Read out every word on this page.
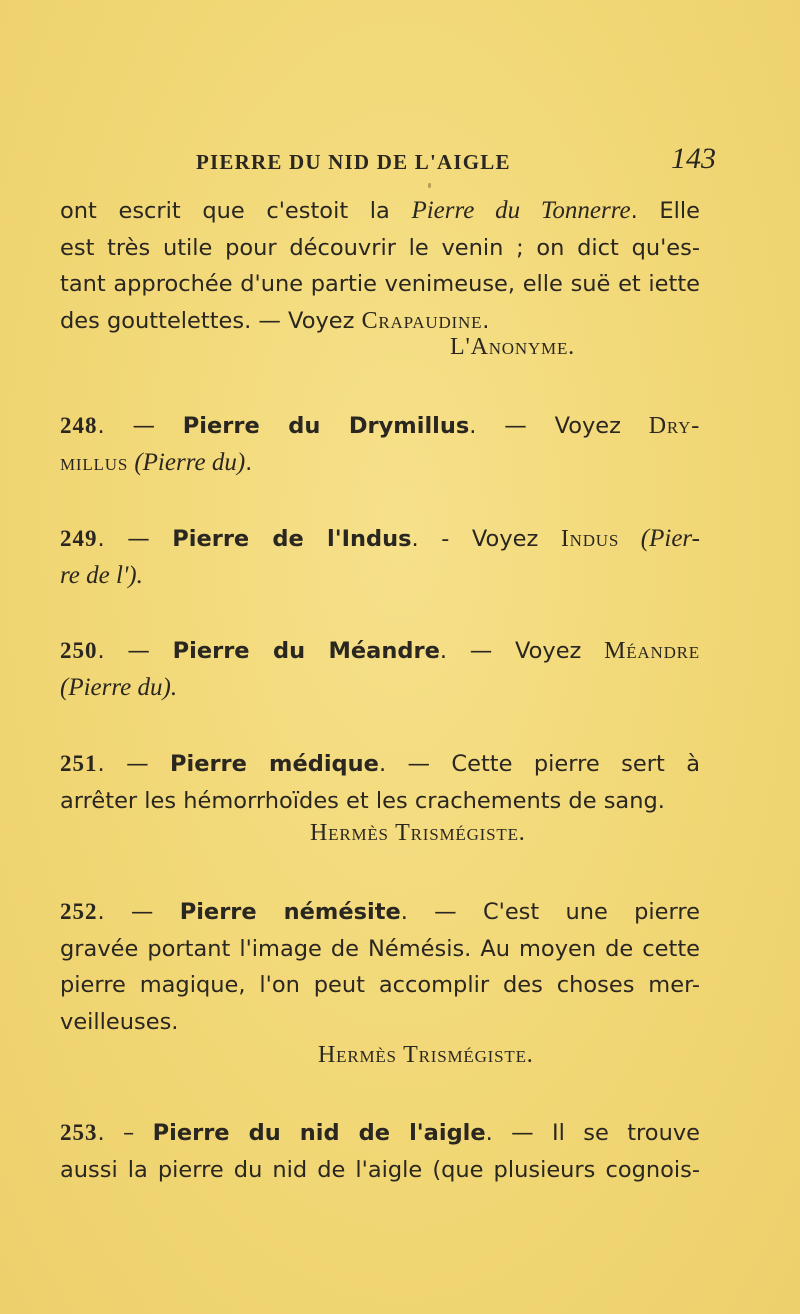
PIERRE DU NID DE L'AIGLE	143
ont escrit que c'estoit la Pierre du Tonnerre. Elle
est très utile pour découvrir le venin ; on dict qu'es-
tant approchée d'une partie venimeuse, elle suë et iette
des gouttelettes. — Voyez Crapaudine.
L'Anonyme.
248. — Pierre du Drymillus. — Voyez Dry-
millus (Pierre du).
249. — Pierre de l'Indus. - Voyez Indus (Pier-
re de l').
250. — Pierre du Méandre. — Voyez Méandre
(Pierre du).
251. — Pierre médique. — Cette pierre sert à
arrêter les hémorrhoïdes et les crachements de sang.
Hermès Trismégiste.
252. — Pierre némésite. — C'est une pierre
gravée portant l'image de Némésis. Au moyen de cette
pierre magique, l'on peut accomplir des choses mer-
veilleuses.
Hermès Trismégiste.
253. – Pierre du nid de l'aigle. — Il se trouve
aussi la pierre du nid de l'aigle (que plusieurs cognois-
